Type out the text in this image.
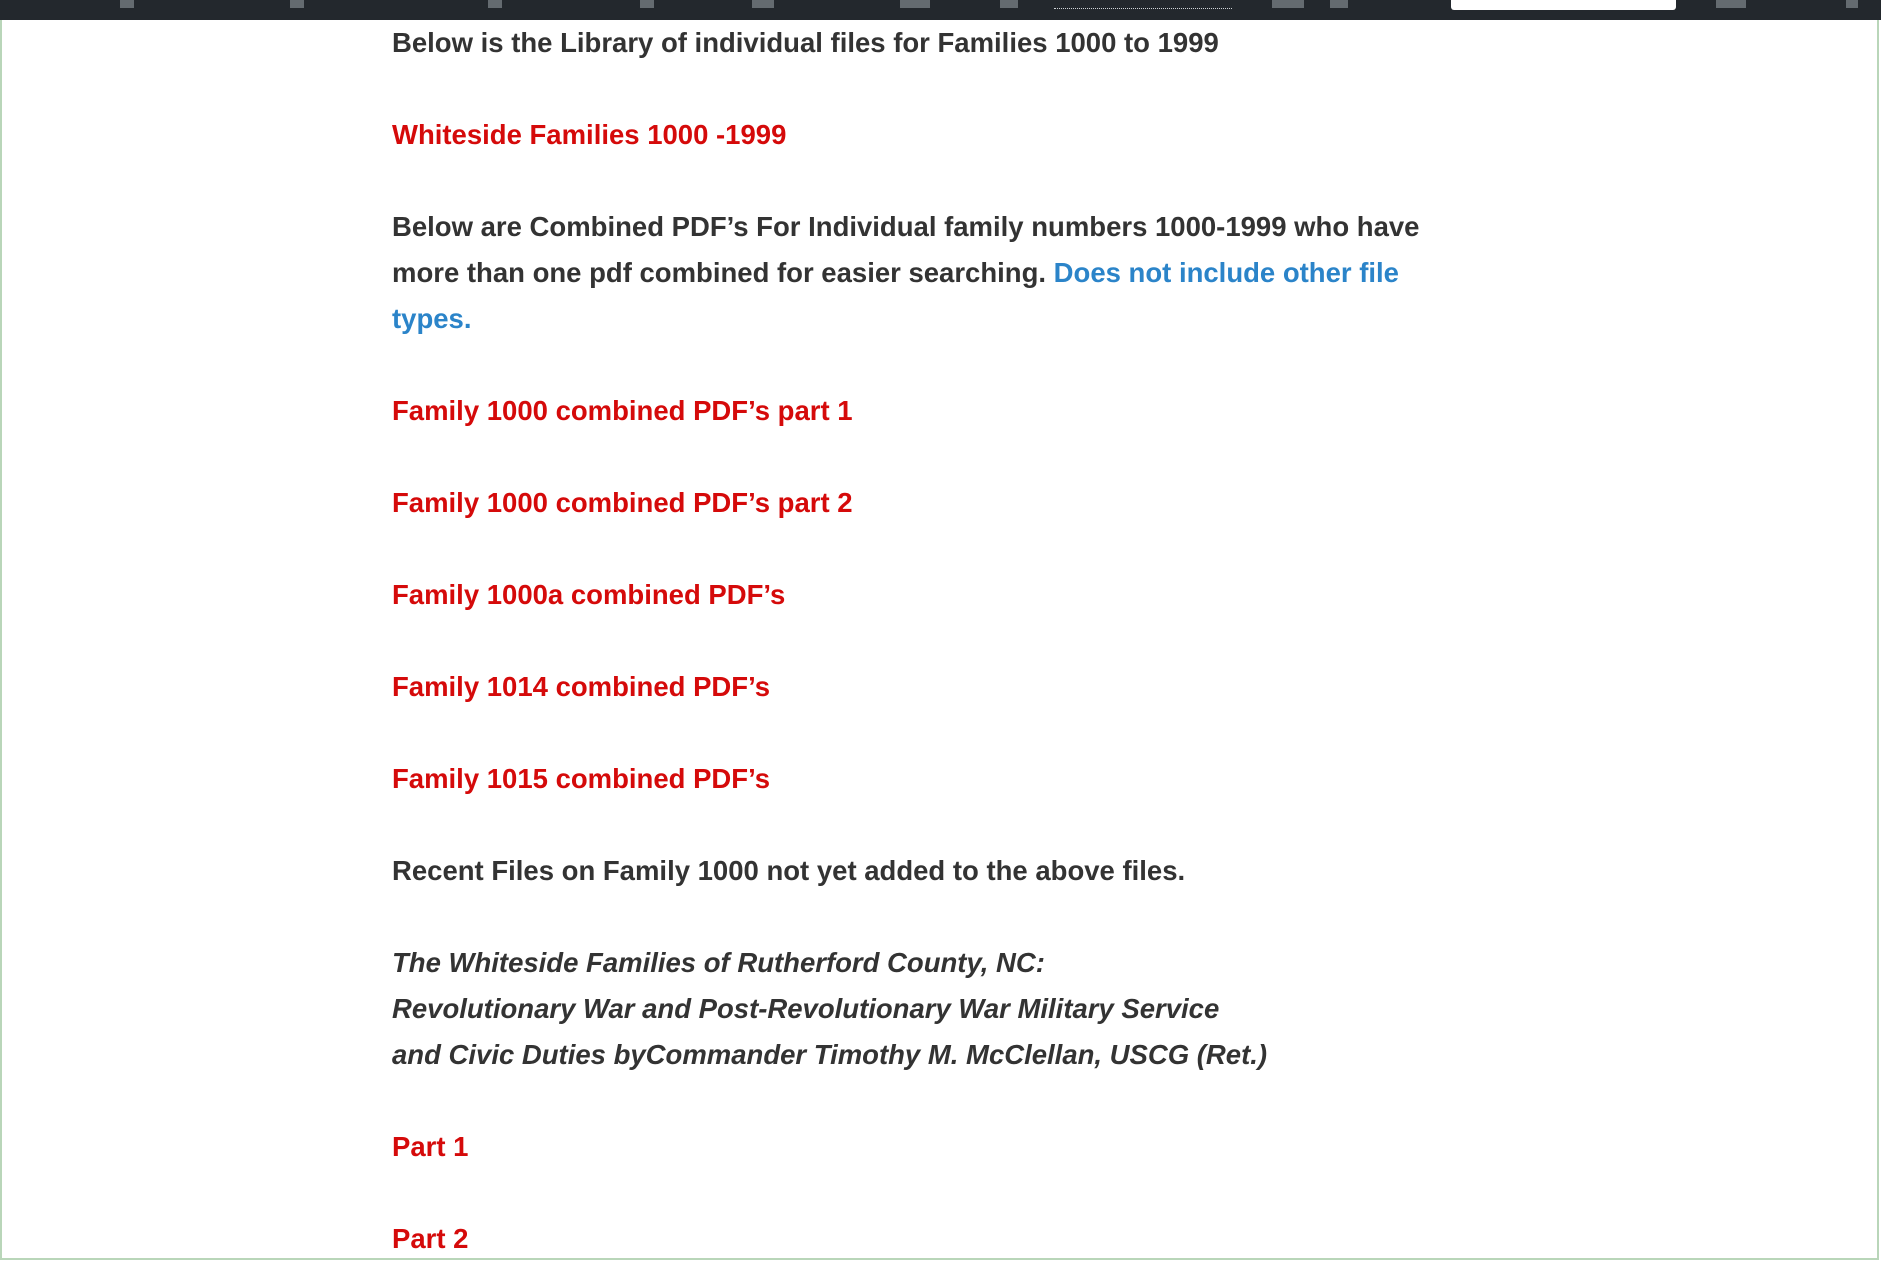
Below is the Library of individual files for Families 1000 to 1999

Whiteside Families 1000 -1999

Below are Combined PDF’s For Individual family numbers 1000-1999 who have more than one pdf combined for easier searching. Does not include other file types.

Family 1000 combined PDF’s part 1

Family 1000 combined PDF’s part 2

Family 1000a combined PDF’s

Family 1014 combined PDF’s

Family 1015 combined PDF’s

Recent Files on Family 1000 not yet added to the above files.

The Whiteside Families of Rutherford County, NC:

Revolutionary War and Post-Revolutionary War Military Service

and Civic Duties byCommander Timothy M. McClellan, USCG (Ret.)

Part 1

Part 2
